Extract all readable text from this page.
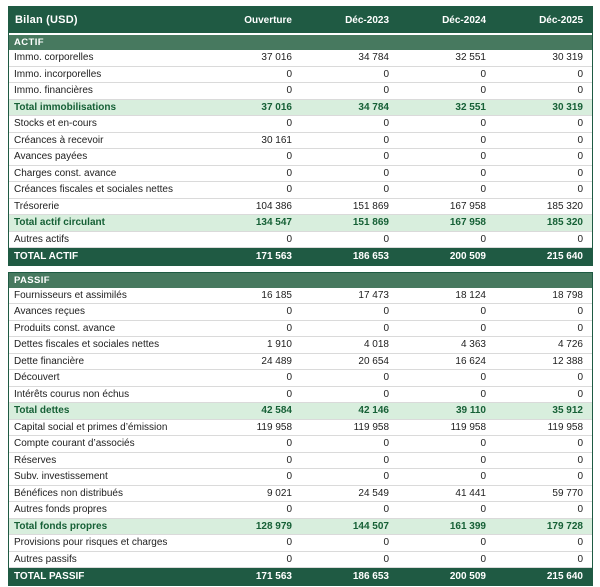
Bilan (USD)	Ouverture	Déc-2023	Déc-2024	Déc-2025
ACTIF
Immo. corporelles	37 016	34 784	32 551	30 319
Immo. incorporelles	0	0	0	0
Immo. financières	0	0	0	0
Total immobilisations	37 016	34 784	32 551	30 319
Stocks et en-cours	0	0	0	0
Créances à recevoir	30 161	0	0	0
Avances payées	0	0	0	0
Charges const. avance	0	0	0	0
Créances fiscales et sociales nettes	0	0	0	0
Trésorerie	104 386	151 869	167 958	185 320
Total actif circulant	134 547	151 869	167 958	185 320
Autres actifs	0	0	0	0
TOTAL ACTIF	171 563	186 653	200 509	215 640
PASSIF
Fournisseurs et assimilés	16 185	17 473	18 124	18 798
Avances reçues	0	0	0	0
Produits const. avance	0	0	0	0
Dettes fiscales et sociales nettes	1 910	4 018	4 363	4 726
Dette financière	24 489	20 654	16 624	12 388
Découvert	0	0	0	0
Intérêts courus non échus	0	0	0	0
Total dettes	42 584	42 146	39 110	35 912
Capital social et primes d’émission	119 958	119 958	119 958	119 958
Compte courant d’associés	0	0	0	0
Réserves	0	0	0	0
Subv. investissement	0	0	0	0
Bénéfices non distribués	9 021	24 549	41 441	59 770
Autres fonds propres	0	0	0	0
Total fonds propres	128 979	144 507	161 399	179 728
Provisions pour risques et charges	0	0	0	0
Autres passifs	0	0	0	0
TOTAL PASSIF	171 563	186 653	200 509	215 640
